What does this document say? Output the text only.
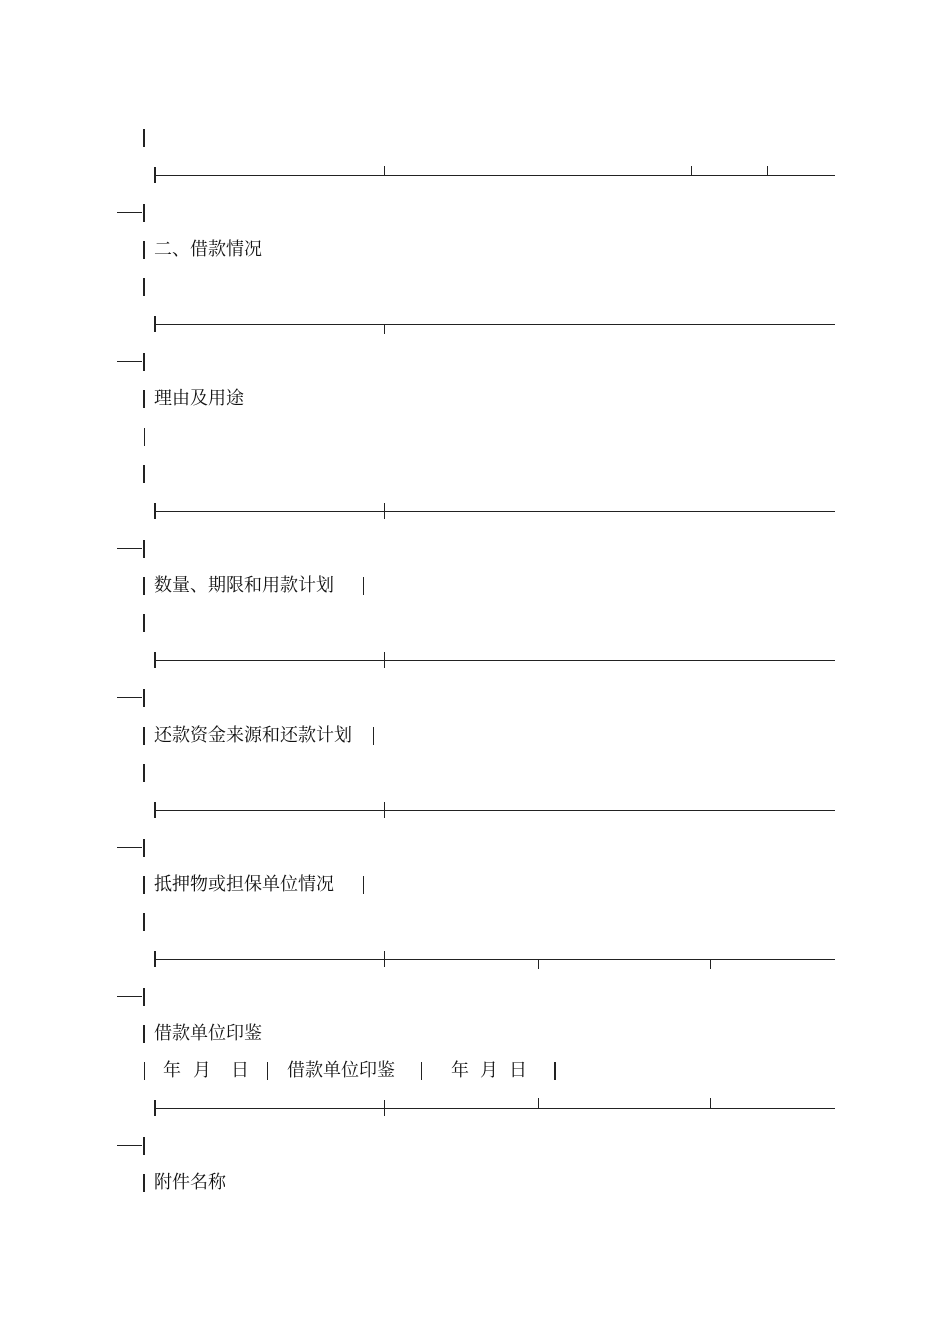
二、借款情况
理由及用途
数量、期限和用款计划
还款资金来源和还款计划
抵押物或担保单位情况
借款单位印鉴
年 月 日 借款单位印鉴	年 月 日
附件名称
